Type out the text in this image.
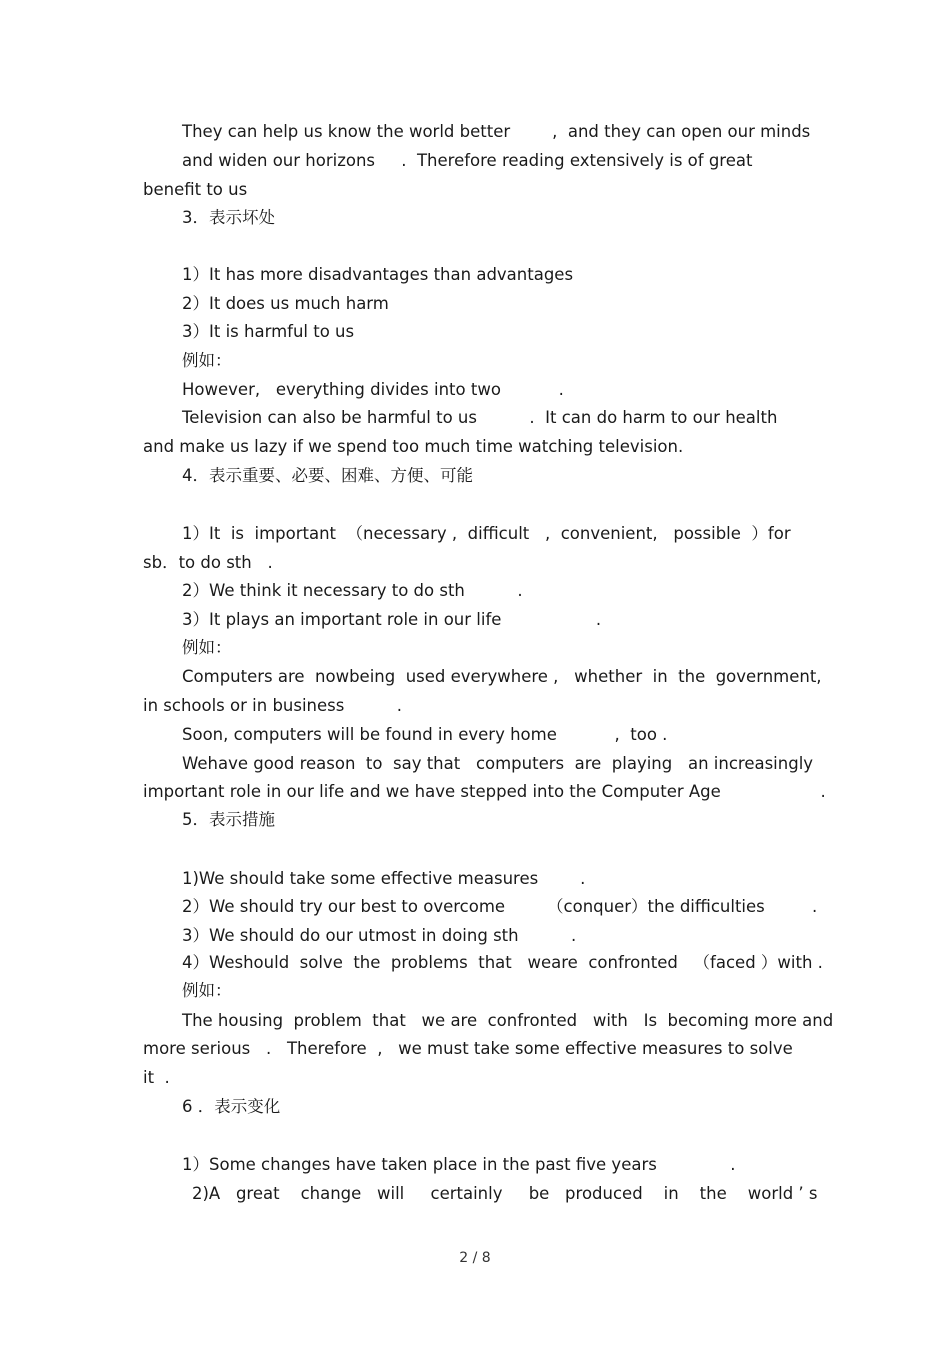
They can help us know the world better        ,  and they can open our minds
and widen our horizons     .  Therefore reading extensively is of great
benefit to us
3．表示坏处
1）It has more disadvantages than advantages
2）It does us much harm
3）It is harmful to us
例如：
However,   everything divides into two           .
Television can also be harmful to us          .  It can do harm to our health
and make us lazy if we spend too much time watching television.
4．表示重要、必要、困难、方便、可能
1）It  is  important  （necessary ,  difficult   ,  convenient,   possible  ）for
sb．to do sth   .
2）We think it necessary to do sth          .
3）It plays an important role in our life                  .
例如：
Computers are  nowbeing  used everywhere ,   whether  in  the  government,
in schools or in business          .
Soon, computers will be found in every home           ,  too .
Wehave good reason  to  say that   computers  are  playing   an increasingly
important role in our life and we have stepped into the Computer Age                   .
5．表示措施
1)We should take some effective measures        .
2）We should try our best to overcome        （conquer）the difficulties         .
3）We should do our utmost in doing sth          .
4）Weshould  solve  the  problems  that   weare  confronted   （faced ）with .
例如：
The housing  problem  that   we are  confronted   with   Is  becoming more and
more serious   .   Therefore  ,   we must take some effective measures to solve
it  .
6 ．表示变化
1）Some changes have taken place in the past five years              .
2)A   great    change   will     certainly     be   produced    in    the    world ’ s
2 / 8
